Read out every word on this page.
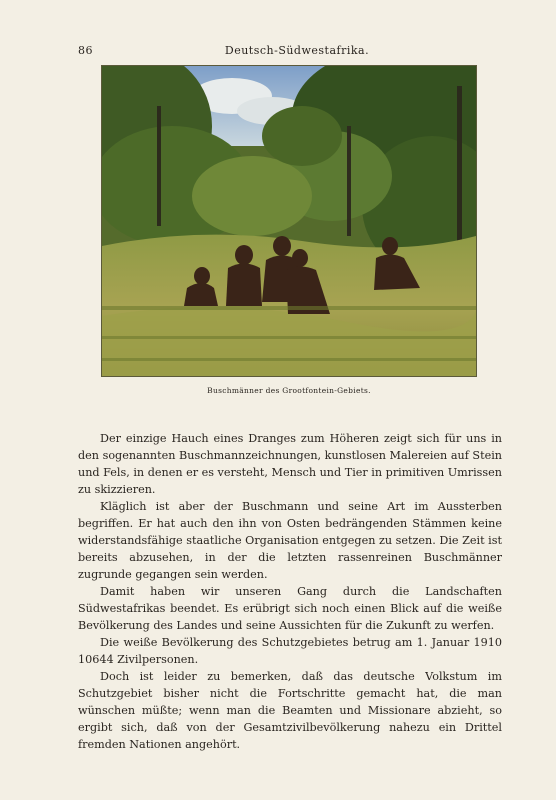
86	Deutsch-Südwestafrika.
Buschmänner des Grootfontein-Gebiets.

Der einzige Hauch eines Dranges zum Höheren zeigt sich für uns in den sogenannten Buschmannzeichnungen, kunstlosen Malereien auf Stein und Fels, in denen er es versteht, Mensch und Tier in primitiven Umrissen zu skizzieren.

Kläglich ist aber der Buschmann und seine Art im Aussterben begriffen. Er hat auch den ihn von Osten bedrängenden Stämmen keine widerstandsfähige staatliche Organisation entgegen zu setzen. Die Zeit ist bereits abzusehen, in der die letzten rassenreinen Buschmänner zugrunde gegangen sein werden.

Damit haben wir unseren Gang durch die Landschaften Südwestafrikas beendet. Es erübrigt sich noch einen Blick auf die weiße Bevölkerung des Landes und seine Aussichten für die Zukunft zu werfen.

Die weiße Bevölkerung des Schutzgebietes betrug am 1. Januar 1910 10644 Zivilpersonen.

Doch ist leider zu bemerken, daß das deutsche Volkstum im Schutzgebiet bisher nicht die Fortschritte gemacht hat, die man wünschen müßte; wenn man die Beamten und Missionare abzieht, so ergibt sich, daß von der Gesamtzivilbevölkerung nahezu ein Drittel fremden Nationen angehört.
